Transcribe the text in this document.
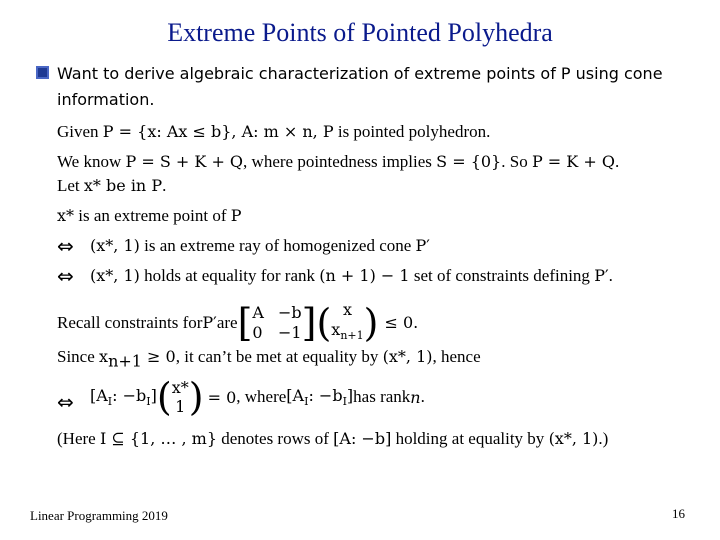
Extreme Points of Pointed Polyhedra
Want to derive algebraic characterization of extreme points of P using cone
information.
Given P = {x: Ax ≤ b}, A: m × n, P is pointed polyhedron.
We know P = S + K + Q, where pointedness implies S = {0}. So P = K + Q.
Let x* be in P.
x* is an extreme point of P
⇔ (x*, 1) is an extreme ray of homogenized cone P′
⇔ (x*, 1) holds at equality for rank (n + 1) − 1 set of constraints defining P′.
Recall constraints for P′ are [ A −b
0 −1 ] ( x
$x_{n+1}$ ) ≤ 0.
Since $x_{n+1} \ge 0$, it can’t be met at equality by (x*, 1), hence
⇔ [$A_I$: $-b_I$] ( x*
1 ) = 0 , where [$A_I$: $-b_I$] has rank n .
(Here I ⊆ {1, … , m} denotes rows of [A: −b] holding at equality by (x*, 1).)
Linear Programming 2019	16
